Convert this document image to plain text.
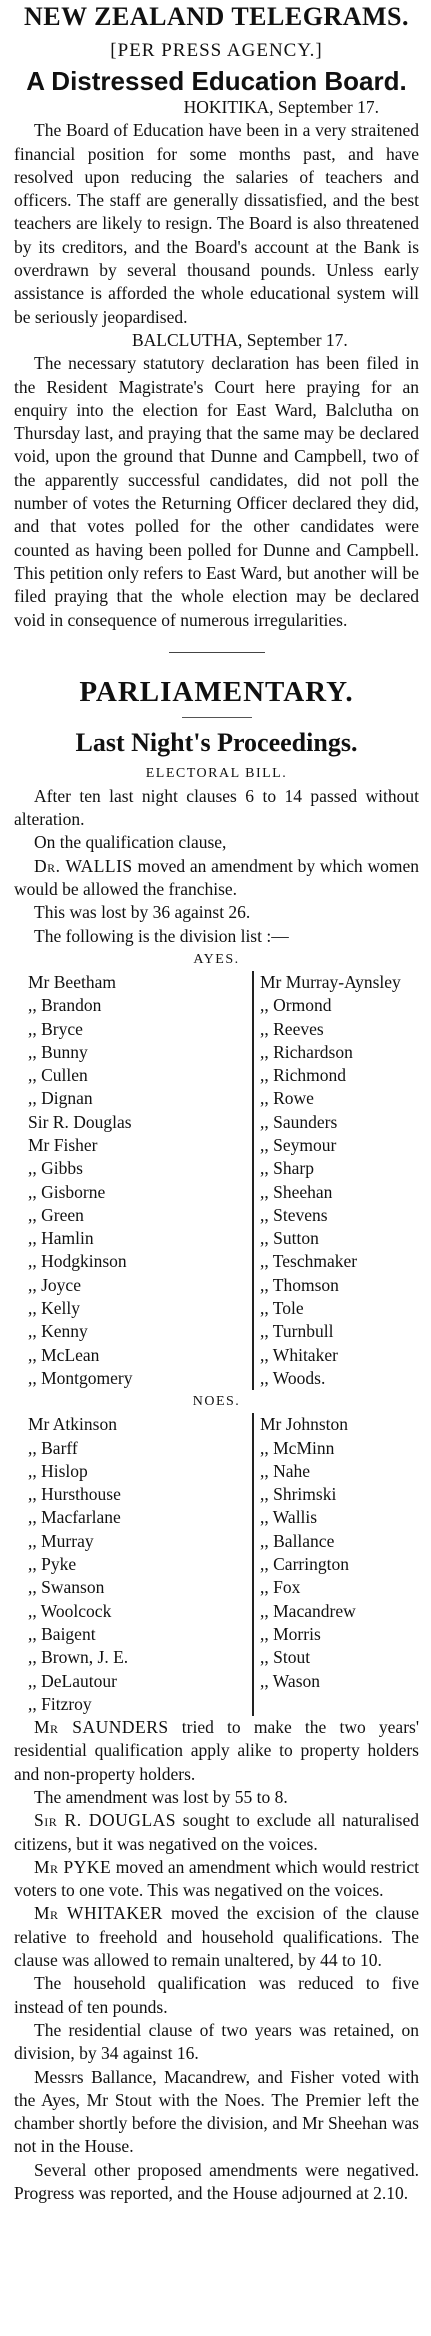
NEW ZEALAND TELEGRAMS.

[PER PRESS AGENCY.]

A Distressed Education Board.

HOKITIKA, September 17.

The Board of Education have been in a very straitened financial position for some months past, and have resolved upon reducing the salaries of teachers and officers. The staff are generally dissatisfied, and the best teachers are likely to resign. The Board is also threatened by its creditors, and the Board's account at the Bank is overdrawn by several thousand pounds. Unless early assistance is afforded the whole educational system will be seriously jeopardised.

BALCLUTHA, September 17.

The necessary statutory declaration has been filed in the Resident Magistrate's Court here praying for an enquiry into the election for East Ward, Balclutha on Thursday last, and praying that the same may be declared void, upon the ground that Dunne and Campbell, two of the apparently successful candidates, did not poll the number of votes the Returning Officer declared they did, and that votes polled for the other candidates were counted as having been polled for Dunne and Campbell. This petition only refers to East Ward, but another will be filed praying that the whole election may be declared void in consequence of numerous irregularities.

PARLIAMENTARY.
Last Night's Proceedings.

ELECTORAL BILL.

After ten last night clauses 6 to 14 passed without alteration.

On the qualification clause,

Dr. WALLIS moved an amendment by which women would be allowed the franchise.

This was lost by 36 against 26.

The following is the division list :—

AYES.

Mr Beetham
,, Brandon
,, Bryce
,, Bunny
,, Cullen
,, Dignan
Sir R. Douglas
Mr Fisher
,, Gibbs
,, Gisborne
,, Green
,, Hamlin
,, Hodgkinson
,, Joyce
,, Kelly
,, Kenny
,, McLean
,, Montgomery
Mr Murray-Aynsley
,, Ormond
,, Reeves
,, Richardson
,, Richmond
,, Rowe
,, Saunders
,, Seymour
,, Sharp
,, Sheehan
,, Stevens
,, Sutton
,, Teschmaker
,, Thomson
,, Tole
,, Turnbull
,, Whitaker
,, Woods.

NOES.

Mr Atkinson
,, Barff
,, Hislop
,, Hursthouse
,, Macfarlane
,, Murray
,, Pyke
,, Swanson
,, Woolcock
,, Baigent
,, Brown, J. E.
,, DeLautour
,, Fitzroy
Mr Johnston
,, McMinn
,, Nahe
,, Shrimski
,, Wallis
,, Ballance
,, Carrington
,, Fox
,, Macandrew
,, Morris
,, Stout
,, Wason

Mr SAUNDERS tried to make the two years' residential qualification apply alike to property holders and non-property holders.

The amendment was lost by 55 to 8.

Sir R. DOUGLAS sought to exclude all naturalised citizens, but it was negatived on the voices.

Mr PYKE moved an amendment which would restrict voters to one vote. This was negatived on the voices.

Mr WHITAKER moved the excision of the clause relative to freehold and household qualifications. The clause was allowed to remain unaltered, by 44 to 10.

The household qualification was reduced to five instead of ten pounds.

The residential clause of two years was retained, on division, by 34 against 16.

Messrs Ballance, Macandrew, and Fisher voted with the Ayes, Mr Stout with the Noes. The Premier left the chamber shortly before the division, and Mr Sheehan was not in the House.

Several other proposed amendments were negatived. Progress was reported, and the House adjourned at 2.10.
